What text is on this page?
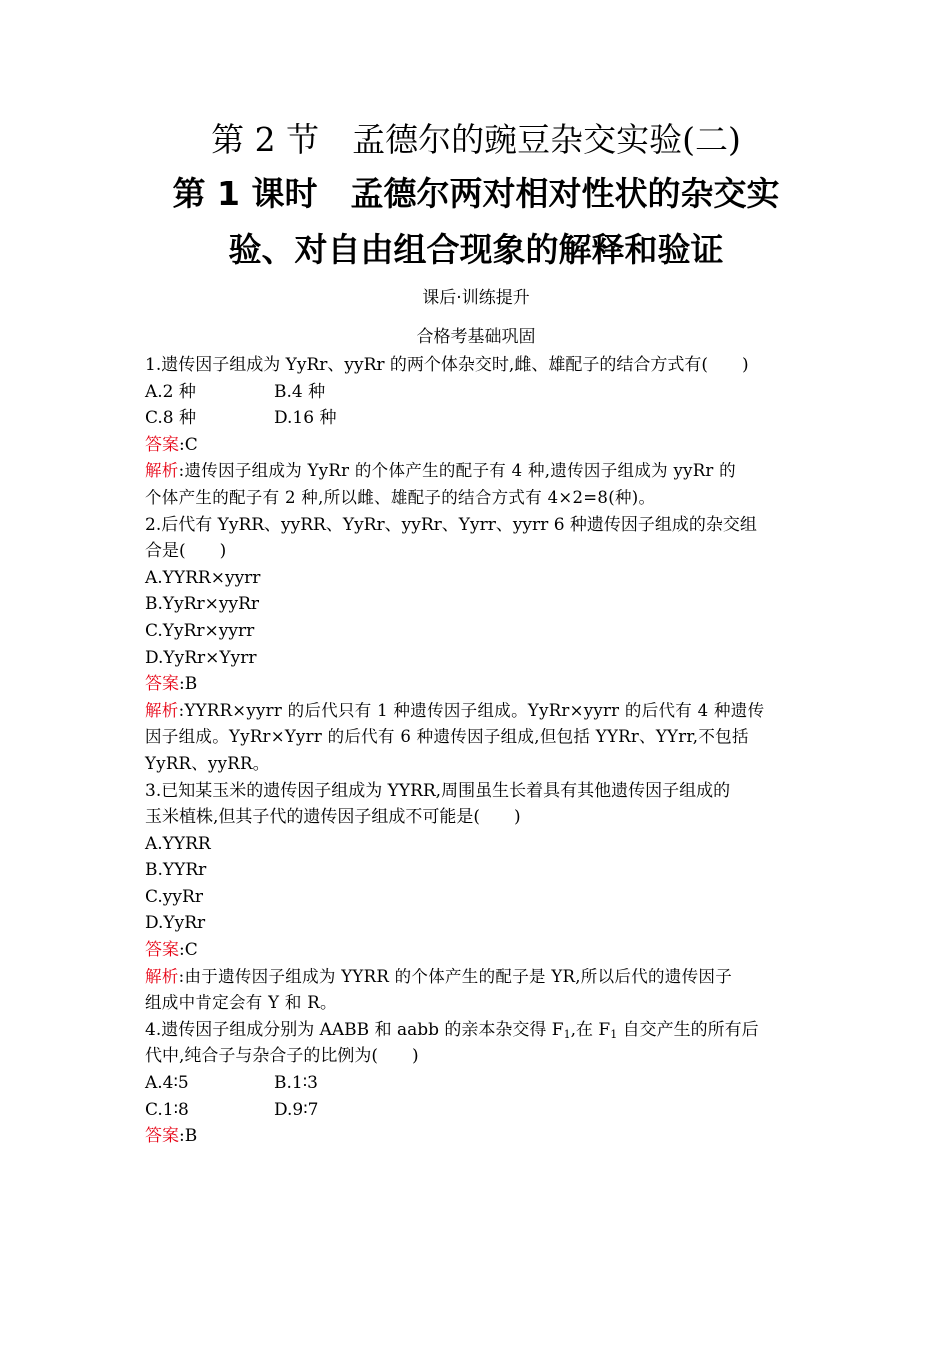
第 2 节　孟德尔的豌豆杂交实验(二)
第 1 课时　孟德尔两对相对性状的杂交实
验、对自由组合现象的解释和验证
课后·训练提升
合格考基础巩固
1.遗传因子组成为 YyRr、yyRr 的两个体杂交时,雌、雄配子的结合方式有(　　)
A.2 种	B.4 种
C.8 种	D.16 种
答案:C
解析:遗传因子组成为 YyRr 的个体产生的配子有 4 种,遗传因子组成为 yyRr 的
个体产生的配子有 2 种,所以雌、雄配子的结合方式有 4×2=8(种)。
2.后代有 YyRR、yyRR、YyRr、yyRr、Yyrr、yyrr 6 种遗传因子组成的杂交组
合是(　　)
A.YYRR×yyrr
B.YyRr×yyRr
C.YyRr×yyrr
D.YyRr×Yyrr
答案:B
解析:YYRR×yyrr 的后代只有 1 种遗传因子组成。YyRr×yyrr 的后代有 4 种遗传
因子组成。YyRr×Yyrr 的后代有 6 种遗传因子组成,但包括 YYRr、YYrr,不包括
YyRR、yyRR。
3.已知某玉米的遗传因子组成为 YYRR,周围虽生长着具有其他遗传因子组成的
玉米植株,但其子代的遗传因子组成不可能是(　　)
A.YYRR
B.YYRr
C.yyRr
D.YyRr
答案:C
解析:由于遗传因子组成为 YYRR 的个体产生的配子是 YR,所以后代的遗传因子
组成中肯定会有 Y 和 R。
4.遗传因子组成分别为 AABB 和 aabb 的亲本杂交得 $F_1$,在 $F_1$ 自交产生的所有后
代中,纯合子与杂合子的比例为(　　)
A.4∶5	B.1∶3
C.1∶8	D.9∶7
答案:B
